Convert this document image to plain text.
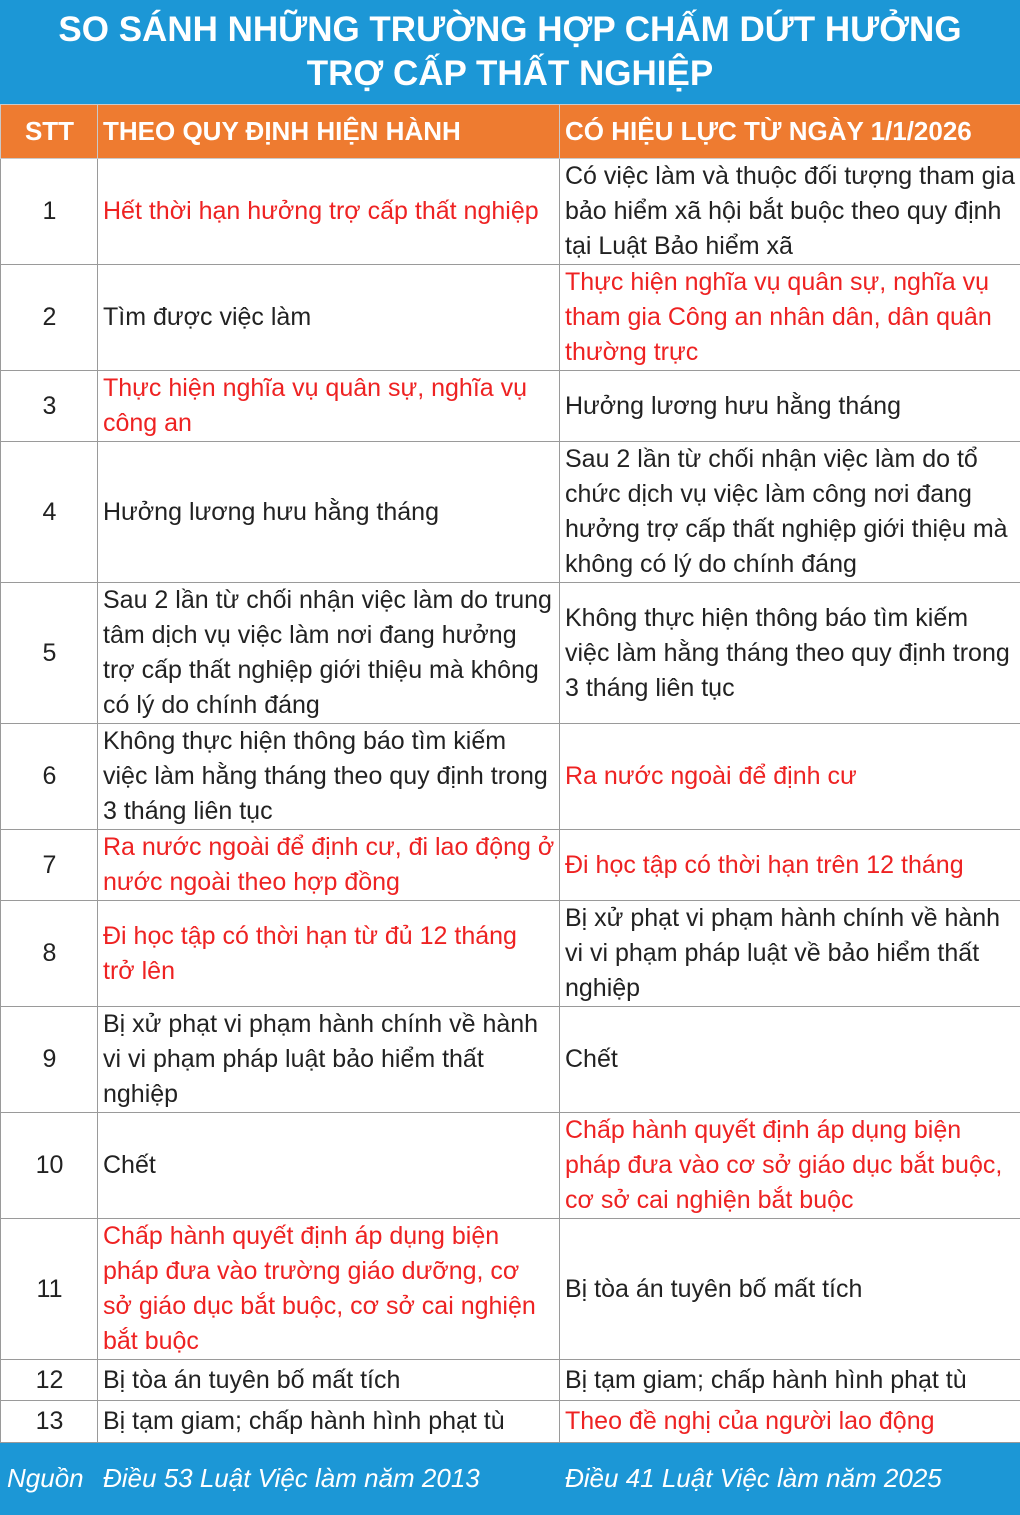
SO SÁNH NHỮNG TRƯỜNG HỢP CHẤM DỨT HƯỞNG
TRỢ CẤP THẤT NGHIỆP
STT	THEO QUY ĐỊNH HIỆN HÀNH	CÓ HIỆU LỰC TỪ NGÀY 1/1/2026
1	Hết thời hạn hưởng trợ cấp thất nghiệp	Có việc làm và thuộc đối tượng tham gia bảo hiểm xã hội bắt buộc theo quy định tại Luật Bảo hiểm xã
2	Tìm được việc làm	Thực hiện nghĩa vụ quân sự, nghĩa vụ tham gia Công an nhân dân, dân quân thường trực
3	Thực hiện nghĩa vụ quân sự, nghĩa vụ công an	Hưởng lương hưu hằng tháng
4	Hưởng lương hưu hằng tháng	Sau 2 lần từ chối nhận việc làm do tổ chức dịch vụ việc làm công nơi đang hưởng trợ cấp thất nghiệp giới thiệu mà không có lý do chính đáng
5	Sau 2 lần từ chối nhận việc làm do trung tâm dịch vụ việc làm nơi đang hưởng trợ cấp thất nghiệp giới thiệu mà không có lý do chính đáng	Không thực hiện thông báo tìm kiếm việc làm hằng tháng theo quy định trong 3 tháng liên tục
6	Không thực hiện thông báo tìm kiếm việc làm hằng tháng theo quy định trong 3 tháng liên tục	Ra nước ngoài để định cư
7	Ra nước ngoài để định cư, đi lao động ở nước ngoài theo hợp đồng	Đi học tập có thời hạn trên 12 tháng
8	Đi học tập có thời hạn từ đủ 12 tháng trở lên	Bị xử phạt vi phạm hành chính về hành vi vi phạm pháp luật về bảo hiểm thất nghiệp
9	Bị xử phạt vi phạm hành chính về hành vi vi phạm pháp luật bảo hiểm thất nghiệp	Chết
10	Chết	Chấp hành quyết định áp dụng biện pháp đưa vào cơ sở giáo dục bắt buộc, cơ sở cai nghiện bắt buộc
11	Chấp hành quyết định áp dụng biện pháp đưa vào trường giáo dưỡng, cơ sở giáo dục bắt buộc, cơ sở cai nghiện bắt buộc	Bị tòa án tuyên bố mất tích
12	Bị tòa án tuyên bố mất tích	Bị tạm giam; chấp hành hình phạt tù
13	Bị tạm giam; chấp hành hình phạt tù	Theo đề nghị của người lao động
Nguồn	Điều 53 Luật Việc làm năm 2013	Điều 41 Luật Việc làm năm 2025
